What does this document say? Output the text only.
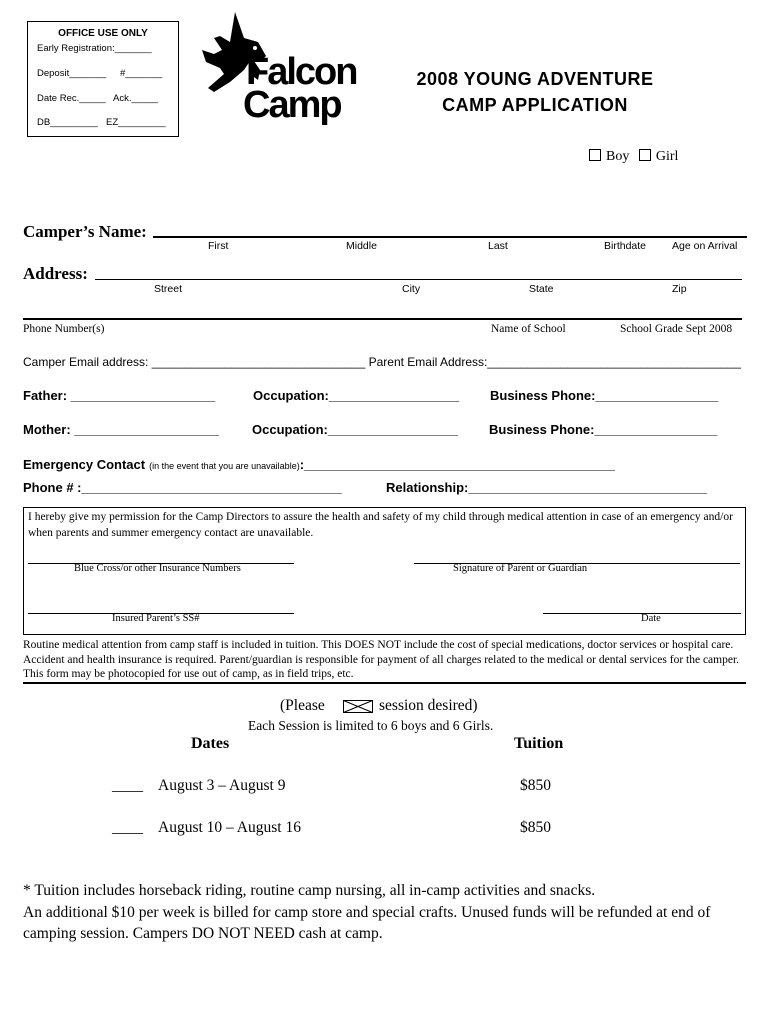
OFFICE USE ONLY
Early Registration:_______
Deposit_______ #_______
Date Rec._____ Ack._____
DB_________ EZ_________
Falcon
Camp
2008 YOUNG ADVENTURE
CAMP APPLICATION
Boy Girl
Camper’s Name:
First	Middle	Last	Birthdate Age on Arrival
Address:
Street	City	State	Zip
Phone Number(s)	Name of School	School Grade Sept 2008
Camper Email address: ________________________________ Parent Email Address:______________________________________
Father: ____________________	Occupation:__________________ Business Phone:_________________
Mother: ____________________	Occupation:__________________ Business Phone:_________________
Emergency Contact (in the event that you are unavailable):___________________________________________
Phone # :____________________________________	Relationship:_________________________________
I hereby give my permission for the Camp Directors to assure the health and safety of my child through medical attention in case of an emergency and/or when parents and summer emergency contact are unavailable.
Blue Cross/or other Insurance Numbers	Signature of Parent or Guardian
Insured Parent’s SS#	Date
Routine medical attention from camp staff is included in tuition. This DOES NOT include the cost of special medications, doctor services or hospital care. Accident and health insurance is required. Parent/guardian is responsible for payment of all charges related to the medical or dental services for the camper. This form may be photocopied for use out of camp, as in field trips, etc.
(Please	session desired)
Each Session is limited to 6 boys and 6 Girls.
Dates	Tuition
____ August 3 – August 9	$850
____ August 10 – August 16	$850
* Tuition includes horseback riding, routine camp nursing, all in-camp activities and snacks.
An additional $10 per week is billed for camp store and special crafts. Unused funds will be refunded at end of camping session. Campers DO NOT NEED cash at camp.
